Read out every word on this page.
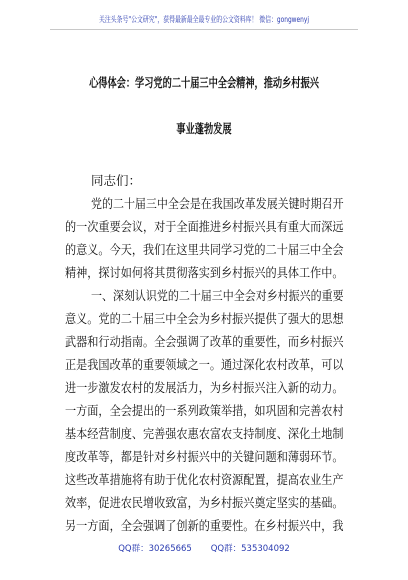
关注头条号"公文研究"，获得最新最全最专业的公文资料库！ 微信：gongwenyj
心得体会：学习党的二十届三中全会精神，推动乡村振兴
事业蓬勃发展
同志们：
党的二十届三中全会是在我国改革发展关键时期召开
的一次重要会议，对于全面推进乡村振兴具有重大而深远
的意义。今天，我们在这里共同学习党的二十届三中全会
精神，探讨如何将其贯彻落实到乡村振兴的具体工作中。
一、深刻认识党的二十届三中全会对乡村振兴的重要
意义。党的二十届三中全会为乡村振兴提供了强大的思想
武器和行动指南。全会强调了改革的重要性，而乡村振兴
正是我国改革的重要领域之一。通过深化农村改革，可以
进一步激发农村的发展活力，为乡村振兴注入新的动力。
一方面，全会提出的一系列政策举措，如巩固和完善农村
基本经营制度、完善强农惠农富农支持制度、深化土地制
度改革等，都是针对乡村振兴中的关键问题和薄弱环节。
这些改革措施将有助于优化农村资源配置，提高农业生产
效率，促进农民增收致富，为乡村振兴奠定坚实的基础。
另一方面，全会强调了创新的重要性。在乡村振兴中，我
QQ群：30265665       QQ群：535304092
